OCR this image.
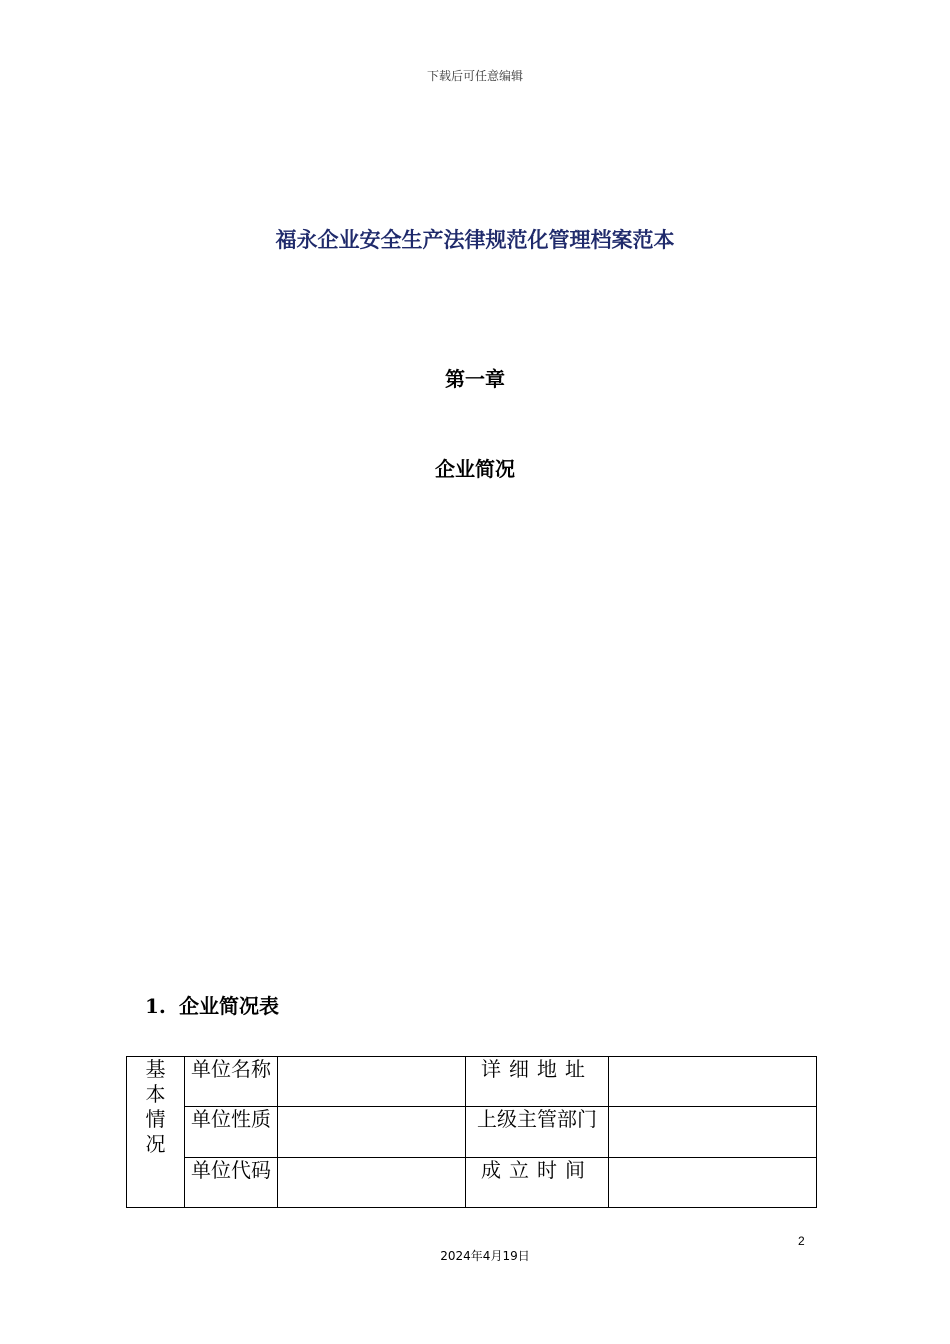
下载后可任意编辑
福永企业安全生产法律规范化管理档案范本
第一章
企业简况
1. 企业简况表
基本情况	单位名称		详细地址	
	单位性质		上级主管部门	
	单位代码		成立时间	
2
2024年4月19日
